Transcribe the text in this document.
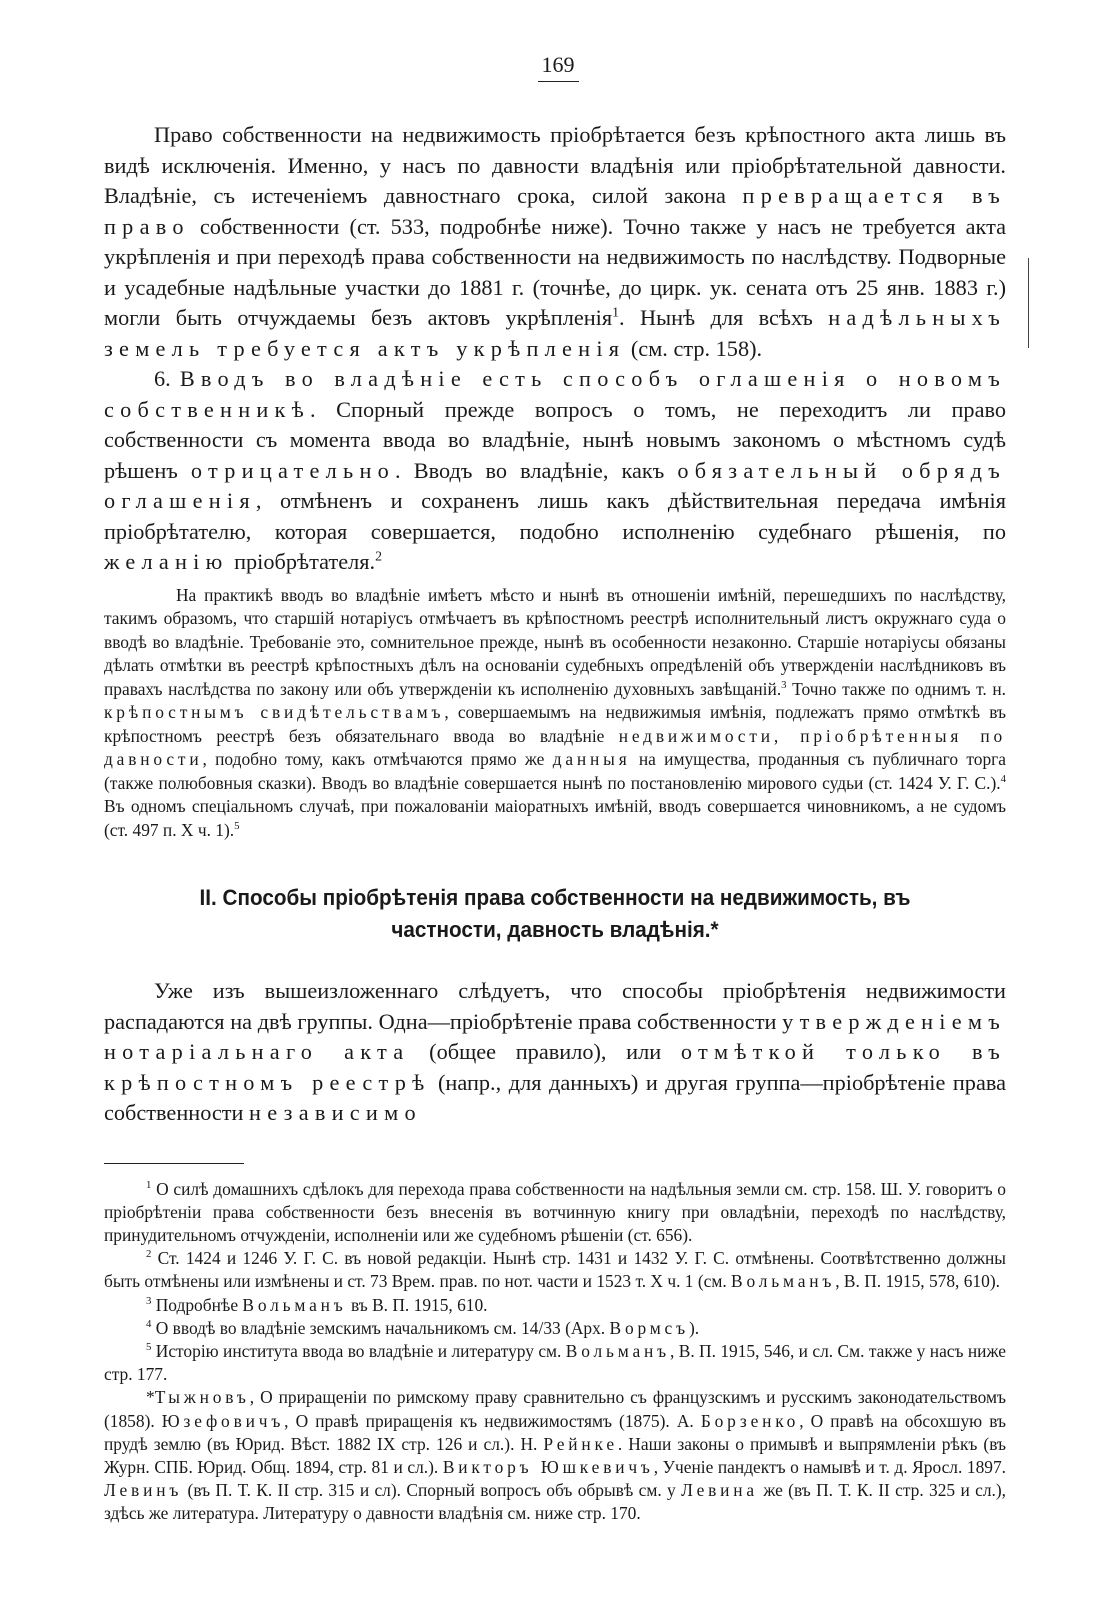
169

Право собственности на недвижимость пріобрѣтается безъ крѣпостного акта лишь въ видѣ исключенія. Именно, у насъ по давности владѣнія или пріобрѣтательной давности. Владѣніе, съ истеченіемъ давностнаго срока, силой закона превращается въ право собственности (ст. 533, подробнѣе ниже). Точно также у насъ не требуется акта укрѣпленія и при переходѣ права собственности на недвижимость по наслѣдству. Подворные и усадебные надѣльные участки до 1881 г. (точнѣе, до цирк. ук. сената отъ 25 янв. 1883 г.) могли быть отчуждаемы безъ актовъ укрѣпленія$^1$. Нынѣ для всѣхъ надѣльныхъ земель требуется актъ укрѣпленія (см. стр. 158).

6. Вводъ во владѣніе есть способъ оглашенія о новомъ собственникѣ. Спорный прежде вопросъ о томъ, не переходитъ ли право собственности съ момента ввода во владѣніе, нынѣ новымъ закономъ о мѣстномъ судѣ рѣшенъ отрицательно. Вводъ во владѣніе, какъ обязательный обрядъ оглашенія, отмѣненъ и сохраненъ лишь какъ дѣйствительная передача имѣнія пріобрѣтателю, которая совершается, подобно исполненію судебнаго рѣшенія, по желанію пріобрѣтателя.$^2$

На практикѣ вводъ во владѣніе имѣетъ мѣсто и нынѣ въ отношеніи имѣній, перешедшихъ по наслѣдству, такимъ образомъ, что старшій нотаріусъ отмѣчаетъ въ крѣпостномъ реестрѣ исполнительный листъ окружнаго суда о вводѣ во владѣніе. Требованіе это, сомнительное прежде, нынѣ въ особенности незаконно. Старшіе нотаріусы обязаны дѣлать отмѣтки въ реестрѣ крѣпостныхъ дѣлъ на основаніи судебныхъ опредѣленій объ утвержденіи наслѣдниковъ въ правахъ наслѣдства по закону или объ утвержденіи къ исполненію духовныхъ завѣщаній.$^3$ Точно также по однимъ т. н. крѣпостнымъ свидѣтельствамъ, совершаемымъ на недвижимыя имѣнія, подлежатъ прямо отмѣткѣ въ крѣпостномъ реестрѣ безъ обязательнаго ввода во владѣніе недвижимости, пріобрѣтенныя по давности, подобно тому, какъ отмѣчаются прямо же данныя на имущества, проданныя съ публичнаго торга (также полюбовныя сказки). Вводъ во владѣніе совершается нынѣ по постановленію мирового судьи (ст. 1424 У. Г. С.).$^4$ Въ одномъ спеціальномъ случаѣ, при пожалованіи маіоратныхъ имѣній, вводъ совершается чиновникомъ, а не судомъ (ст. 497 п. X ч. 1).$^5$

II. Способы пріобрѣтенія права собственности на недвижимость, въ
частности, давность владѣнія.*

Уже изъ вышеизложеннаго слѣдуетъ, что способы пріобрѣтенія недвижимости распадаются на двѣ группы. Одна—пріобрѣтеніе права собственности утвержденіемъ нотаріальнаго акта (общее правило), или отмѣткой только въ крѣпостномъ реестрѣ (напр., для данныхъ) и другая группа—пріобрѣтеніе права собственности независимо

$^1$ О силѣ домашнихъ сдѣлокъ для перехода права собственности на надѣльныя земли см. стр. 158. Ш. У. говоритъ о пріобрѣтеніи права собственности безъ внесенія въ вотчинную книгу при овладѣніи, переходѣ по наслѣдству, принудительномъ отчужденіи, исполненіи или же судебномъ рѣшеніи (ст. 656).

$^2$ Ст. 1424 и 1246 У. Г. С. въ новой редакціи. Нынѣ стр. 1431 и 1432 У. Г. С. отмѣнены. Соотвѣтственно должны быть отмѣнены или измѣнены и ст. 73 Врем. прав. по нот. части и 1523 т. X ч. 1 (см. Вольманъ, В. П. 1915, 578, 610).

$^3$ Подробнѣе Вольманъ въ В. П. 1915, 610.

$^4$ О вводѣ во владѣніе земскимъ начальникомъ см. 14/33 (Арх. Вормсъ).

$^5$ Исторію института ввода во владѣніе и литературу см. Вольманъ, В. П. 1915, 546, и сл. См. также у насъ ниже стр. 177.

*Тыжновъ, О приращеніи по римскому праву сравнительно съ французскимъ и русскимъ законодательствомъ (1858). Юзефовичъ, О правѣ приращенія къ недвижимостямъ (1875). А. Борзенко, О правѣ на обсохшую въ прудѣ землю (въ Юрид. Вѣст. 1882 IX стр. 126 и сл.). Н. Рейнке. Наши законы о примывѣ и выпрямленіи рѣкъ (въ Журн. СПБ. Юрид. Общ. 1894, стр. 81 и сл.). Викторъ Юшкевичъ, Ученіе пандектъ о намывѣ и т. д. Яросл. 1897. Левинъ (въ П. Т. К. II стр. 315 и сл). Спорный вопросъ объ обрывѣ см. у Левина же (въ П. Т. К. II стр. 325 и сл.), здѣсь же литература. Литературу о давности владѣнія см. ниже стр. 170.
